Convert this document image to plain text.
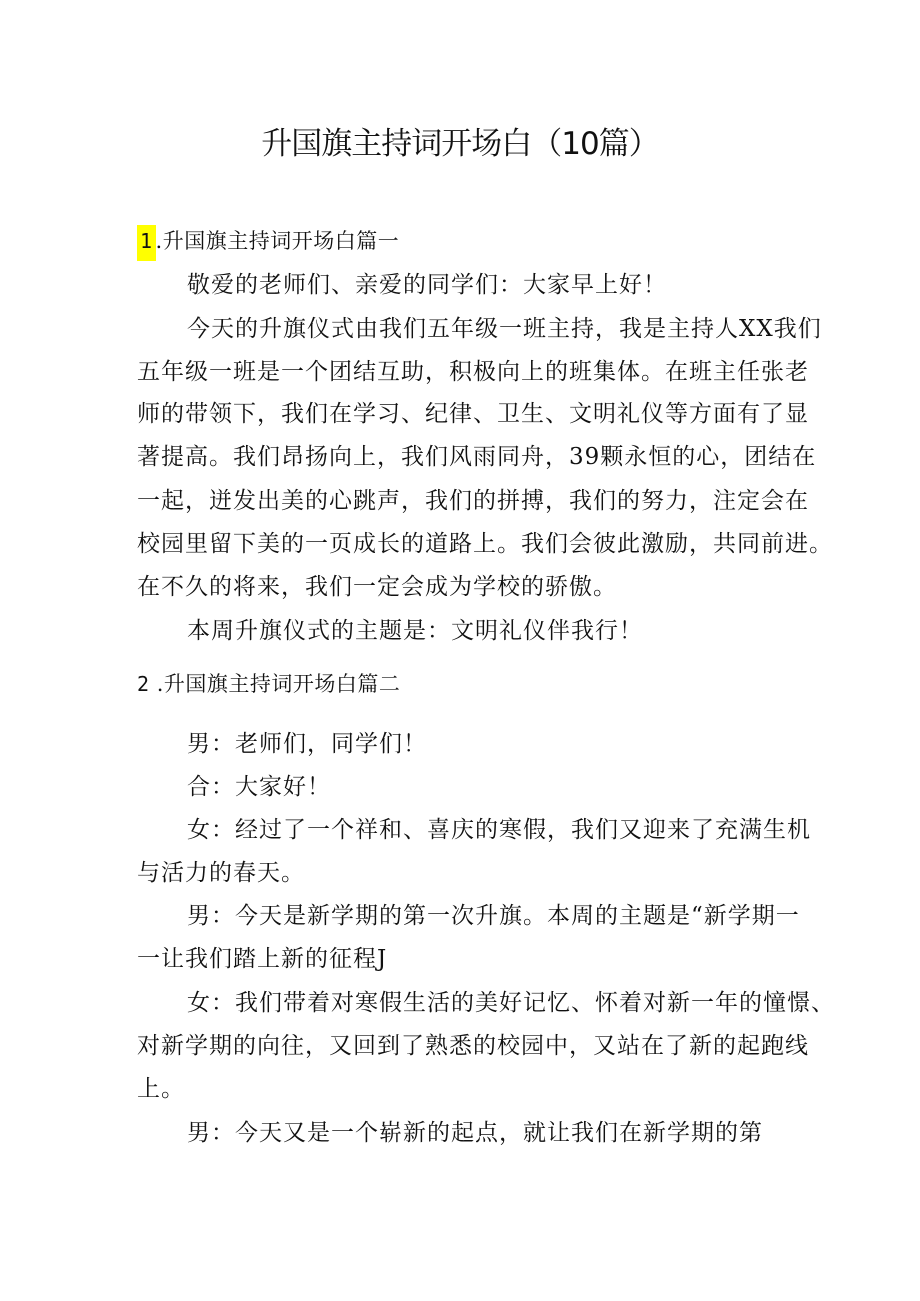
升国旗主持词开场白（10篇）
1 .升国旗主持词开场白篇一
敬爱的老师们、亲爱的同学们：大家早上好！
今天的升旗仪式由我们五年级一班主持，我是主持人XX我们
五年级一班是一个团结互助，积极向上的班集体。在班主任张老
师的带领下，我们在学习、纪律、卫生、文明礼仪等方面有了显
著提高。我们昂扬向上，我们风雨同舟，39颗永恒的心，团结在
一起，迸发出美的心跳声，我们的拼搏，我们的努力，注定会在
校园里留下美的一页成长的道路上。我们会彼此激励，共同前进。
在不久的将来，我们一定会成为学校的骄傲。
本周升旗仪式的主题是：文明礼仪伴我行！
2 .升国旗主持词开场白篇二
男：老师们，同学们！
合：大家好！
女：经过了一个祥和、喜庆的寒假，我们又迎来了充满生机
与活力的春天。
男：今天是新学期的第一次升旗。本周的主题是“新学期一
一让我们踏上新的征程J
女：我们带着对寒假生活的美好记忆、怀着对新一年的憧憬、
对新学期的向往，又回到了熟悉的校园中，又站在了新的起跑线
上。
男：今天又是一个崭新的起点，就让我们在新学期的第
